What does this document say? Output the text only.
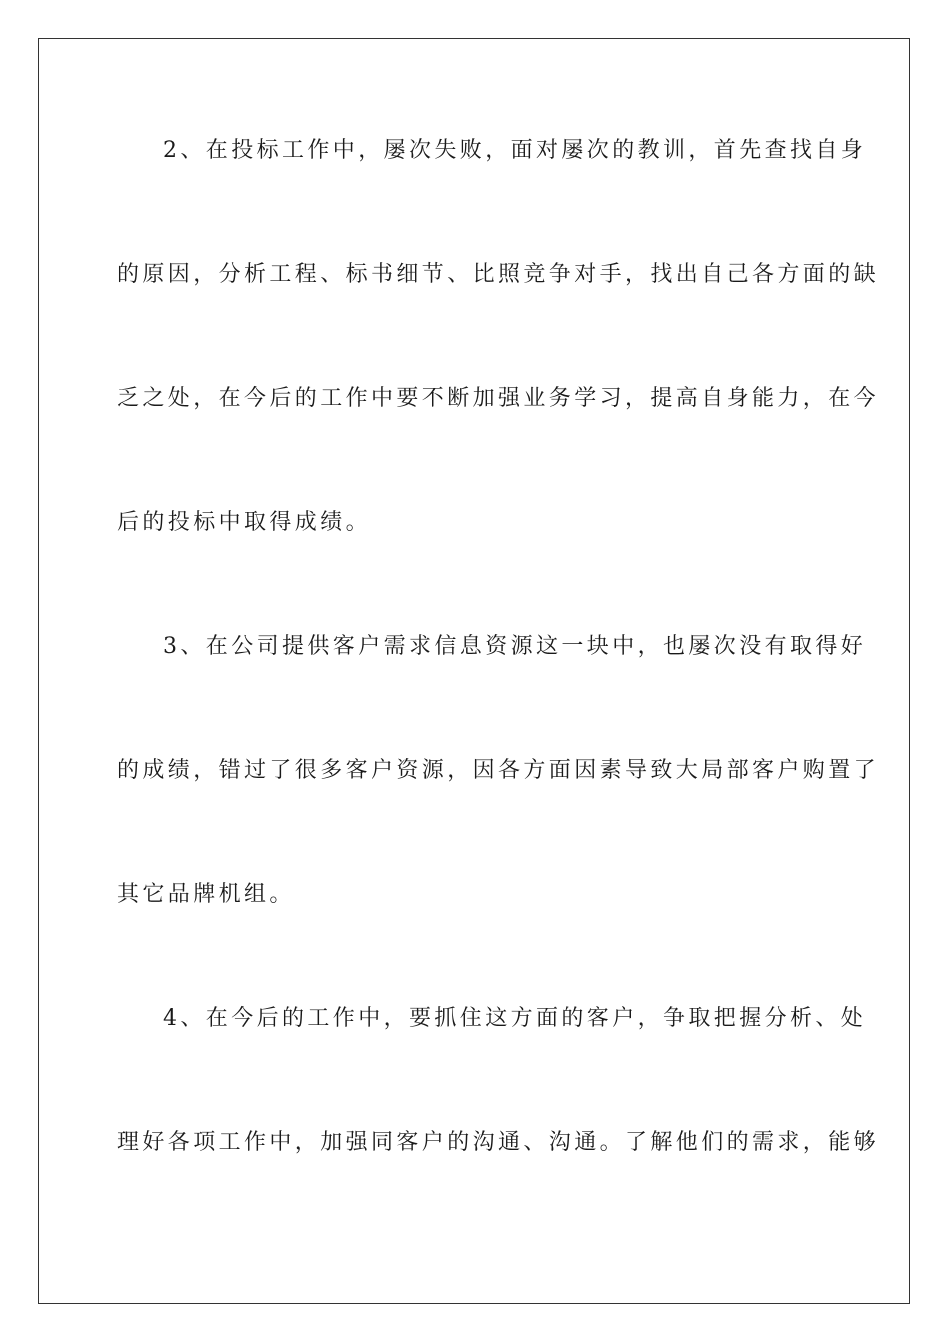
2、在投标工作中，屡次失败，面对屡次的教训，首先查找自身
的原因，分析工程、标书细节、比照竞争对手，找出自己各方面的缺
乏之处，在今后的工作中要不断加强业务学习，提高自身能力，在今
后的投标中取得成绩。
3、在公司提供客户需求信息资源这一块中，也屡次没有取得好
的成绩，错过了很多客户资源，因各方面因素导致大局部客户购置了
其它品牌机组。
4、在今后的工作中，要抓住这方面的客户，争取把握分析、处
理好各项工作中，加强同客户的沟通、沟通。了解他们的需求，能够
